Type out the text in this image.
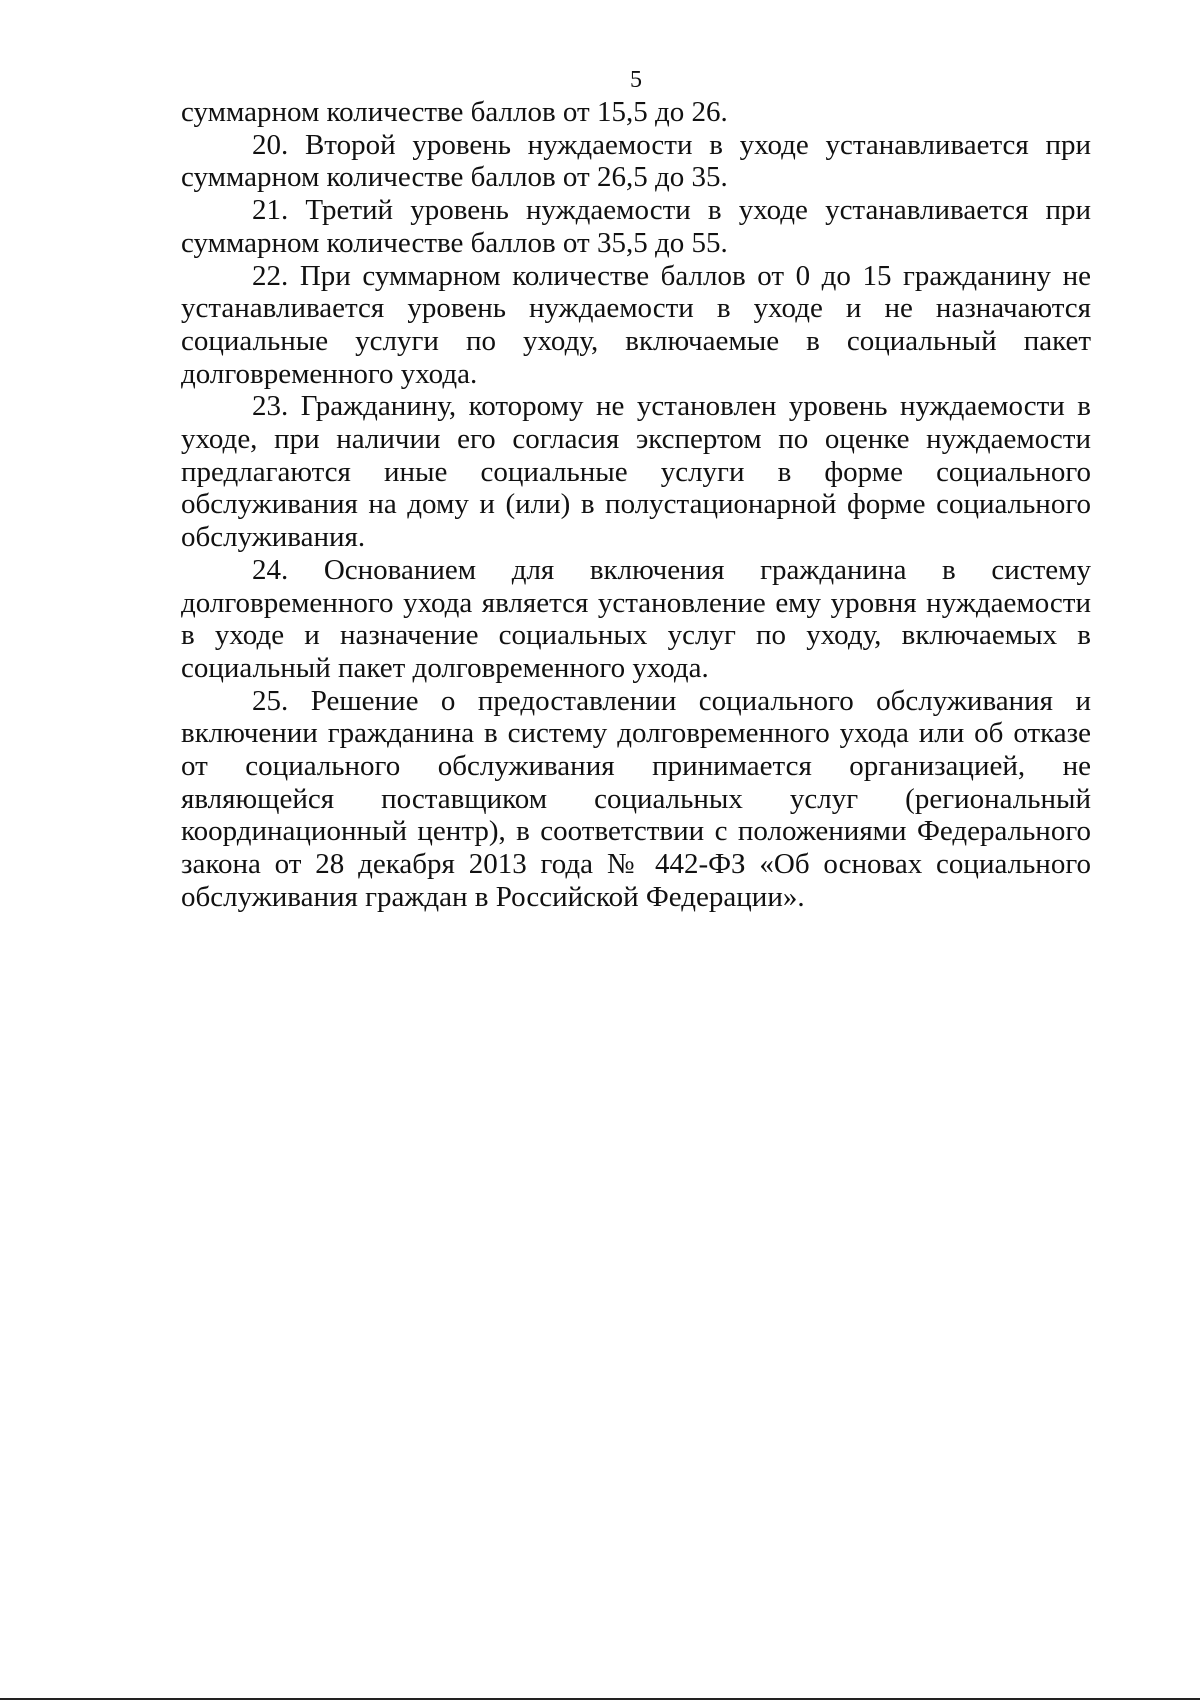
5

суммарном количестве баллов от 15,5 до 26.

20. Второй уровень нуждаемости в уходе устанавливается при суммарном количестве баллов от 26,5 до 35.

21. Третий уровень нуждаемости в уходе устанавливается при суммарном количестве баллов от 35,5 до 55.

22. При суммарном количестве баллов от 0 до 15 гражданину не устанавливается уровень нуждаемости в уходе и не назначаются социальные услуги по уходу, включаемые в социальный пакет долговременного ухода.

23. Гражданину, которому не установлен уровень нуждаемости в уходе, при наличии его согласия экспертом по оценке нуждаемости предлагаются иные социальные услуги в форме социального обслуживания на дому и (или) в полустационарной форме социального обслуживания.

24. Основанием для включения гражданина в систему долговременного ухода является установление ему уровня нуждаемости в уходе и назначение социальных услуг по уходу, включаемых в социальный пакет долговременного ухода.

25. Решение о предоставлении социального обслуживания и включении гражданина в систему долговременного ухода или об отказе от социального обслуживания принимается организацией, не являющейся поставщиком социальных услуг (региональный координационный центр), в соответствии с положениями Федерального закона от 28 декабря 2013 года № 442-ФЗ «Об основах социального обслуживания граждан в Российской Федерации».
